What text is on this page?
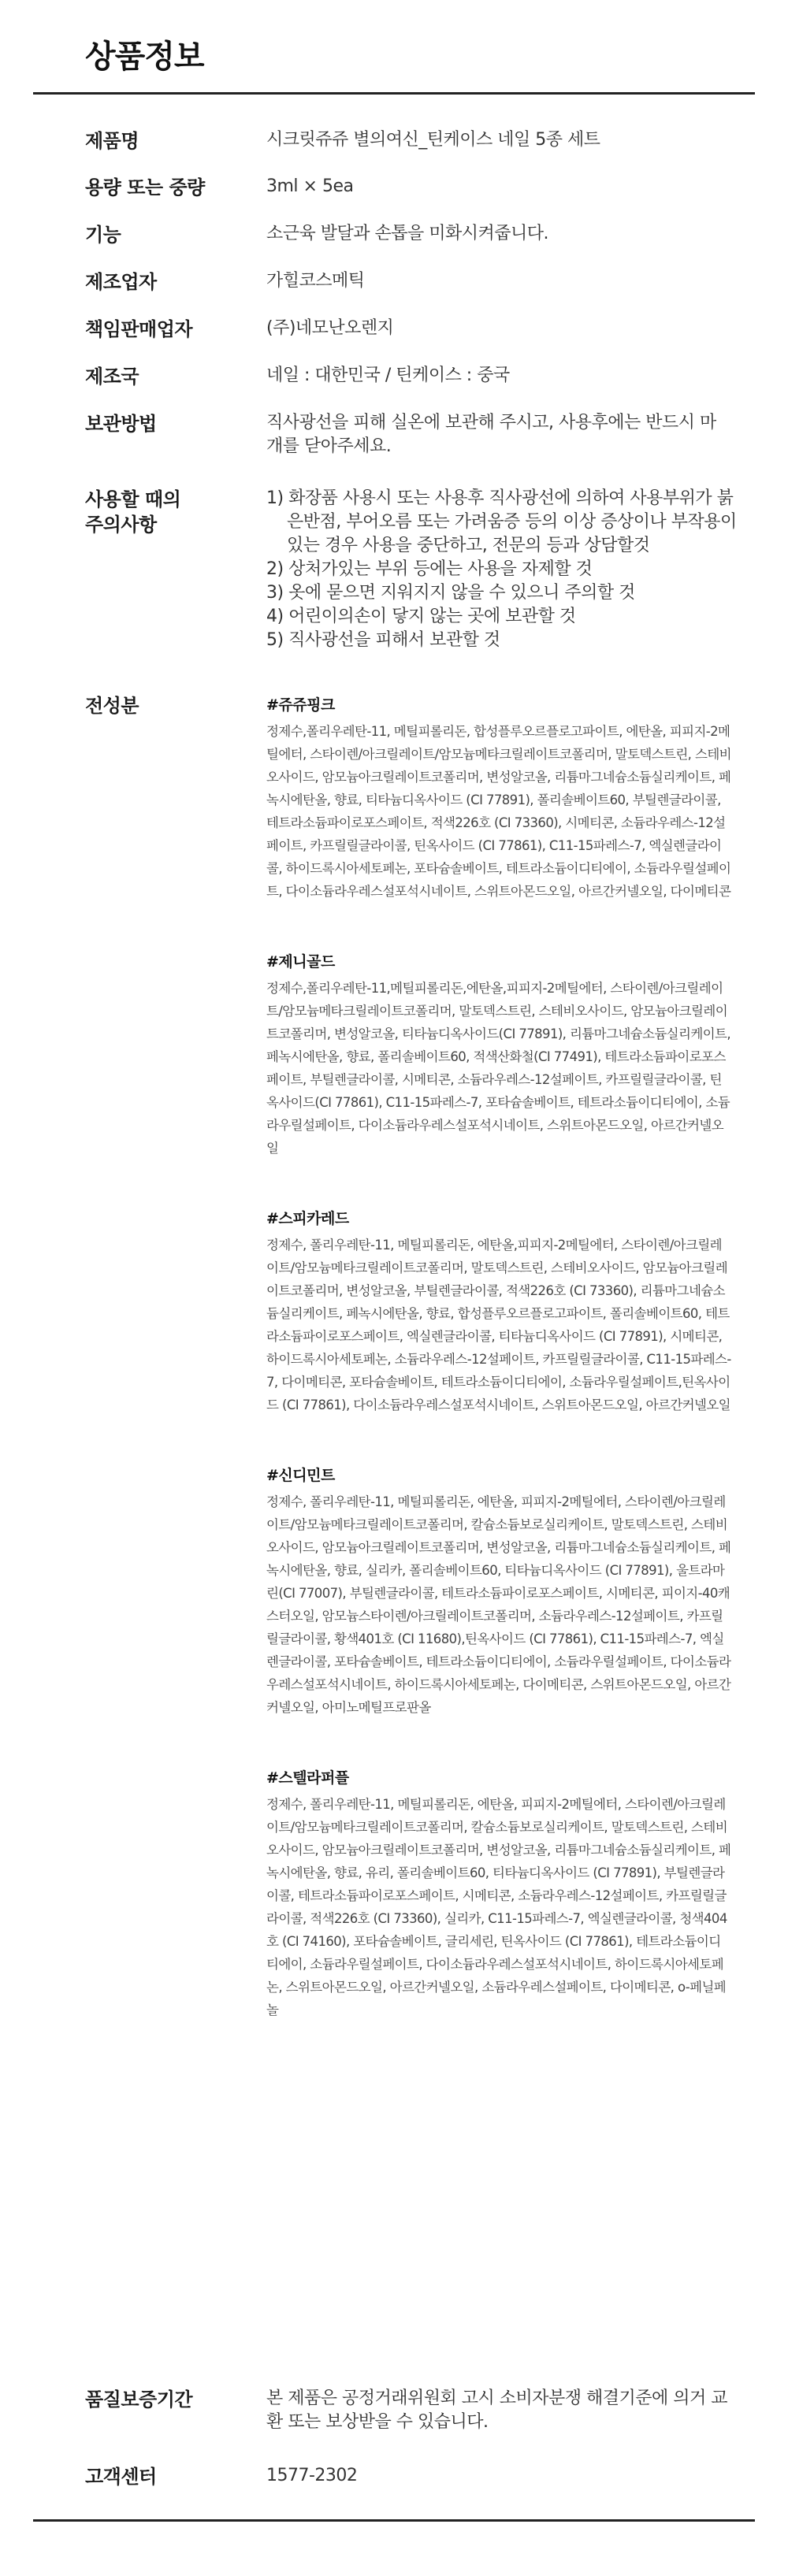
상품정보
제품명	시크릿쥬쥬 별의여신_틴케이스 네일 5종 세트
용량 또는 중량	3ml × 5ea
기능	소근육 발달과 손톱을 미화시켜줍니다.
제조업자	가힐코스메틱
책임판매업자	(주)네모난오렌지
제조국	네일 : 대한민국 / 틴케이스 : 중국
보관방법	직사광선을 피해 실온에 보관해 주시고, 사용후에는 반드시 마개를 닫아주세요.
사용할 때의
주의사항
1) 화장품 사용시 또는 사용후 직사광선에 의하여 사용부위가 붉은반점, 부어오름 또는 가려움증 등의 이상 증상이나 부작용이 있는 경우 사용을 중단하고, 전문의 등과 상담할것
2) 상처가있는 부위 등에는 사용을 자제할 것
3) 옷에 묻으면 지워지지 않을 수 있으니 주의할 것
4) 어린이의손이 닿지 않는 곳에 보관할 것
5) 직사광선을 피해서 보관할 것
전성분	#쥬쥬핑크
정제수,폴리우레탄-11, 메틸피롤리돈, 합성플루오르플로고파이트, 에탄올, 피피지-2메틸에터, 스타이렌/아크릴레이트/암모늄메타크릴레이트코폴리머, 말토덱스트린, 스테비오사이드, 암모늄아크릴레이트코폴리머, 변성알코올, 리튬마그네슘소듐실리케이트, 페녹시에탄올, 향료, 티타늄디옥사이드 (CI 77891), 폴리솔베이트60, 부틸렌글라이콜, 테트라소듐파이로포스페이트, 적색226호 (CI 73360), 시메티콘, 소듐라우레스-12설페이트, 카프릴릴글라이콜, 틴옥사이드 (CI 77861), C11-15파레스-7, 엑실렌글라이콜, 하이드록시아세토페논, 포타슘솔베이트, 테트라소듐이디티에이, 소듐라우릴설페이트, 다이소듐라우레스설포석시네이트, 스위트아몬드오일, 아르간커넬오일, 다이메티콘
#제니골드
정제수,폴리우레탄-11,메틸피롤리돈,에탄올,피피지-2메틸에터, 스타이렌/아크릴레이트/암모늄메타크릴레이트코폴리머, 말토덱스트린, 스테비오사이드, 암모늄아크릴레이트코폴리머, 변성알코올, 티타늄디옥사이드(CI 77891), 리튬마그네슘소듐실리케이트, 페녹시에탄올, 향료, 폴리솔베이트60, 적색산화철(CI 77491), 테트라소듐파이로포스페이트, 부틸렌글라이콜, 시메티콘, 소듐라우레스-12설페이트, 카프릴릴글라이콜, 틴옥사이드(CI 77861), C11-15파레스-7, 포타슘솔베이트, 테트라소듐이디티에이, 소듐라우릴설페이트, 다이소듐라우레스설포석시네이트, 스위트아몬드오일, 아르간커넬오일
#스피카레드
정제수, 폴리우레탄-11, 메틸피롤리돈, 에탄올,피피지-2메틸에터, 스타이렌/아크릴레이트/암모늄메타크릴레이트코폴리머, 말토덱스트린, 스테비오사이드, 암모늄아크릴레이트코폴리머, 변성알코올, 부틸렌글라이콜, 적색226호 (CI 73360), 리튬마그네슘소듐실리케이트, 페녹시에탄올, 향료, 합성플루오르플로고파이트, 폴리솔베이트60, 테트라소듐파이로포스페이트, 엑실렌글라이콜, 티타늄디옥사이드 (CI 77891), 시메티콘, 하이드록시아세토페논, 소듐라우레스-12설페이트, 카프릴릴글라이콜, C11-15파레스-7, 다이메티콘, 포타슘솔베이트, 테트라소듐이디티에이, 소듐라우릴설페이트,틴옥사이드 (CI 77861), 다이소듐라우레스설포석시네이트, 스위트아몬드오일, 아르간커넬오일
#신디민트
정제수, 폴리우레탄-11, 메틸피롤리돈, 에탄올, 피피지-2메틸에터, 스타이렌/아크릴레이트/암모늄메타크릴레이트코폴리머, 칼슘소듐보로실리케이트, 말토덱스트린, 스테비오사이드, 암모늄아크릴레이트코폴리머, 변성알코올, 리튬마그네슘소듐실리케이트, 페녹시에탄올, 향료, 실리카, 폴리솔베이트60, 티타늄디옥사이드 (CI 77891), 울트라마린(CI 77007), 부틸렌글라이콜, 테트라소듐파이로포스페이트, 시메티콘, 피이지-40캐스터오일, 암모늄스타이렌/아크릴레이트코폴리머, 소듐라우레스-12설페이트, 카프릴릴글라이콜, 황색401호 (CI 11680),틴옥사이드 (CI 77861), C11-15파레스-7, 엑실렌글라이콜, 포타슘솔베이트, 테트라소듐이디티에이, 소듐라우릴설페이트, 다이소듐라우레스설포석시네이트, 하이드록시아세토페논, 다이메티콘, 스위트아몬드오일, 아르간커넬오일, 아미노메틸프로판올
#스텔라퍼플
정제수, 폴리우레탄-11, 메틸피롤리돈, 에탄올, 피피지-2메틸에터, 스타이렌/아크릴레이트/암모늄메타크릴레이트코폴리머, 칼슘소듐보로실리케이트, 말토덱스트린, 스테비오사이드, 암모늄아크릴레이트코폴리머, 변성알코올, 리튬마그네슘소듐실리케이트, 페녹시에탄올, 향료, 유리, 폴리솔베이트60, 티타늄디옥사이드 (CI 77891), 부틸렌글라이콜, 테트라소듐파이로포스페이트, 시메티콘, 소듐라우레스-12설페이트, 카프릴릴글라이콜, 적색226호 (CI 73360), 실리카, C11-15파레스-7, 엑실렌글라이콜, 청색404호 (CI 74160), 포타슘솔베이트, 글리세린, 틴옥사이드 (CI 77861), 테트라소듐이디티에이, 소듐라우릴설페이트, 다이소듐라우레스설포석시네이트, 하이드록시아세토페논, 스위트아몬드오일, 아르간커넬오일, 소듐라우레스설페이트, 다이메티콘, o-페닐페놀
품질보증기간	본 제품은 공정거래위원회 고시 소비자분쟁 해결기준에 의거 교환 또는 보상받을 수 있습니다.
고객센터	1577-2302
